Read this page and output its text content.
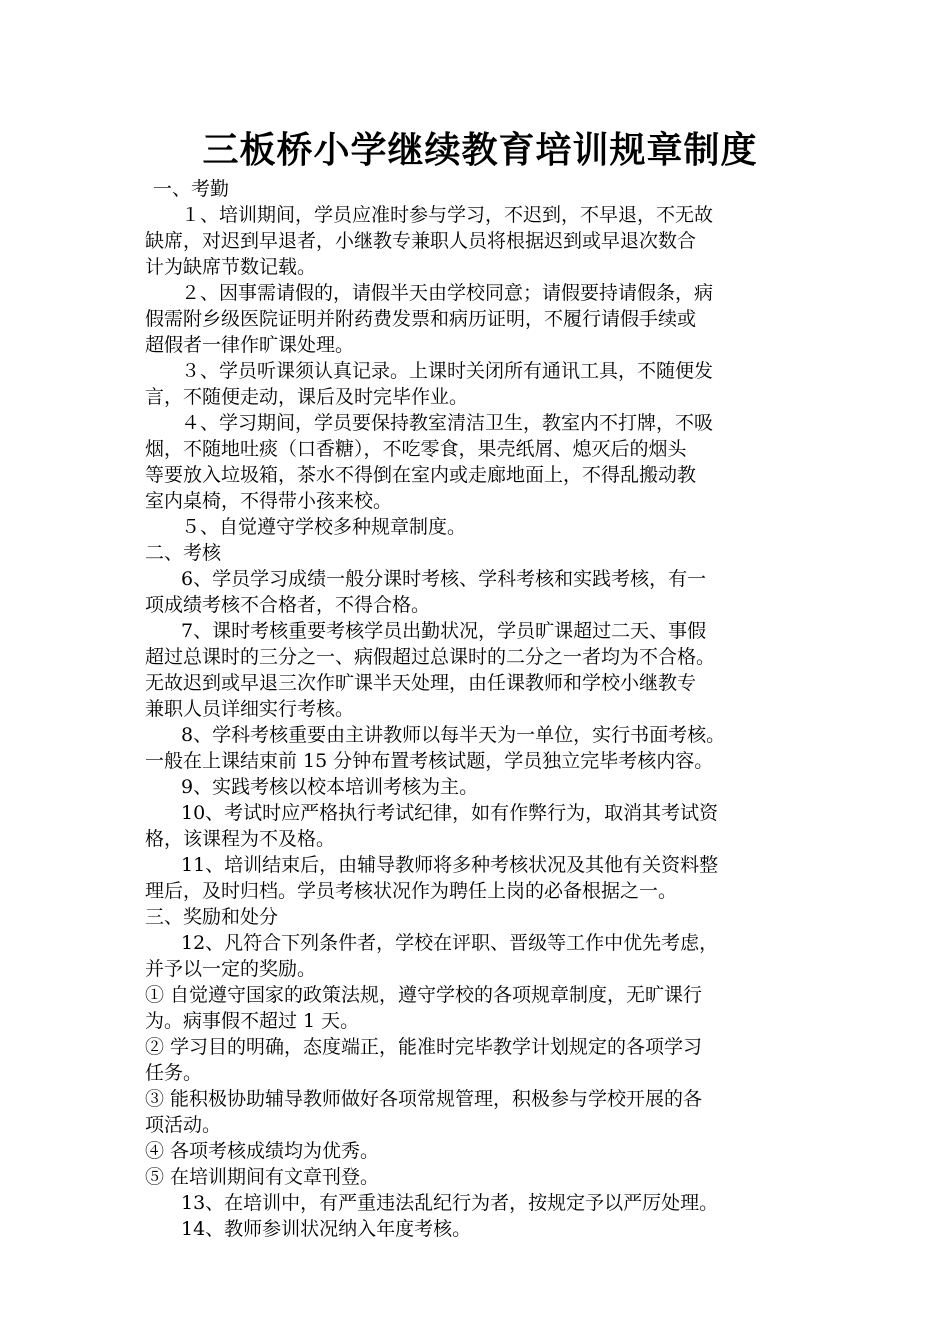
三板桥小学继续教育培训规章制度
一、考勤
１、培训期间，学员应准时参与学习，不迟到，不早退，不无故
缺席，对迟到早退者，小继教专兼职人员将根据迟到或早退次数合
计为缺席节数记载。
２、因事需请假的，请假半天由学校同意；请假要持请假条，病
假需附乡级医院证明并附药费发票和病历证明，不履行请假手续或
超假者一律作旷课处理。
３、学员听课须认真记录。上课时关闭所有通讯工具，不随便发
言，不随便走动，课后及时完毕作业。
４、学习期间，学员要保持教室清洁卫生，教室内不打牌，不吸
烟，不随地吐痰（口香糖），不吃零食，果壳纸屑、熄灭后的烟头
等要放入垃圾箱，茶水不得倒在室内或走廊地面上，不得乱搬动教
室内桌椅，不得带小孩来校。
５、自觉遵守学校多种规章制度。
二、考核
6、学员学习成绩一般分课时考核、学科考核和实践考核，有一
项成绩考核不合格者，不得合格。
7、课时考核重要考核学员出勤状况，学员旷课超过二天、事假
超过总课时的三分之一、病假超过总课时的二分之一者均为不合格。
无故迟到或早退三次作旷课半天处理，由任课教师和学校小继教专
兼职人员详细实行考核。
8、学科考核重要由主讲教师以每半天为一单位，实行书面考核。
一般在上课结束前 15 分钟布置考核试题，学员独立完毕考核内容。
9、实践考核以校本培训考核为主。
10、考试时应严格执行考试纪律，如有作弊行为，取消其考试资
格，该课程为不及格。
11、培训结束后，由辅导教师将多种考核状况及其他有关资料整
理后，及时归档。学员考核状况作为聘任上岗的必备根据之一。
三、奖励和处分
12、凡符合下列条件者，学校在评职、晋级等工作中优先考虑，
并予以一定的奖励。
① 自觉遵守国家的政策法规，遵守学校的各项规章制度，无旷课行
为。病事假不超过 1 天。
② 学习目的明确，态度端正，能准时完毕教学计划规定的各项学习
任务。
③ 能积极协助辅导教师做好各项常规管理，积极参与学校开展的各
项活动。
④ 各项考核成绩均为优秀。
⑤ 在培训期间有文章刊登。
13、在培训中，有严重违法乱纪行为者，按规定予以严厉处理。
14、教师参训状况纳入年度考核。
